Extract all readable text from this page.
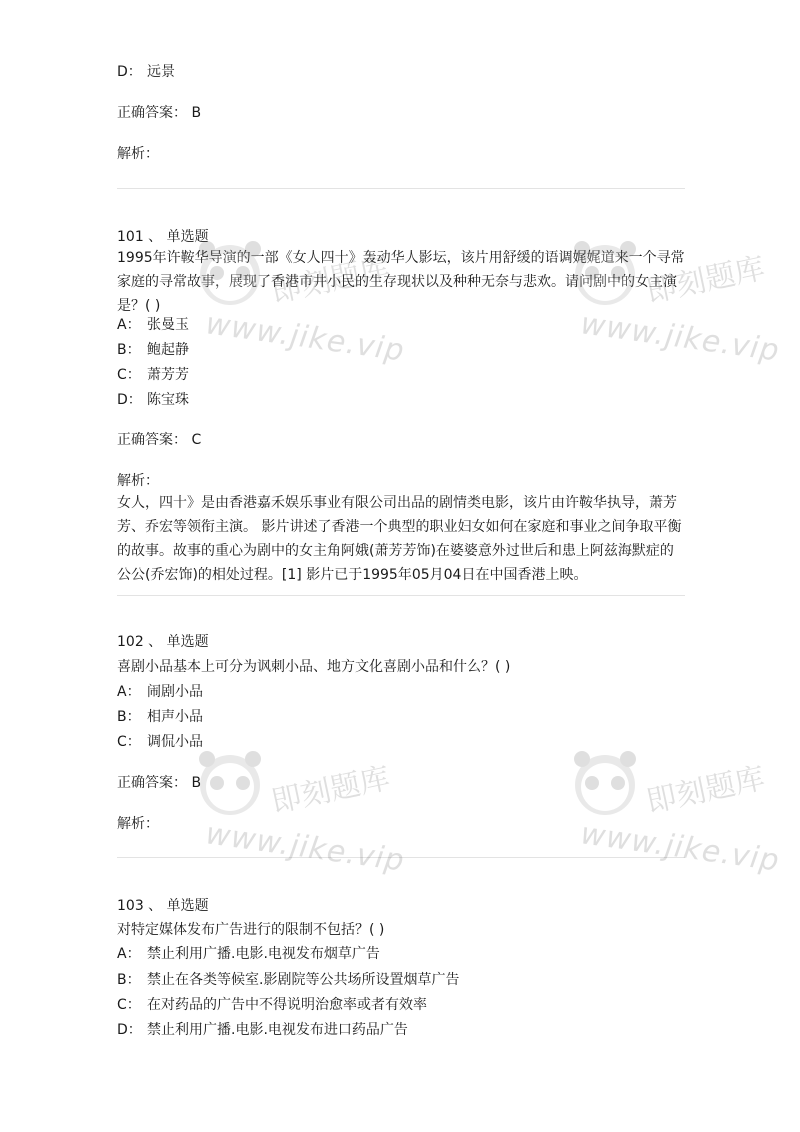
D： 远景
正确答案： B
解析：
101 、 单选题
1995年许鞍华导演的一部《女人四十》轰动华人影坛，该片用舒缓的语调娓娓道来一个寻常家庭的寻常故事，展现了香港市井小民的生存现状以及种种无奈与悲欢。请问剧中的女主演是？( )
A： 张曼玉
B： 鲍起静
C： 萧芳芳
D： 陈宝珠
正确答案： C
解析：
女人，四十》是由香港嘉禾娱乐事业有限公司出品的剧情类电影，该片由许鞍华执导，萧芳芳、乔宏等领衔主演。 影片讲述了香港一个典型的职业妇女如何在家庭和事业之间争取平衡的故事。故事的重心为剧中的女主角阿娥(萧芳芳饰)在婆婆意外过世后和患上阿兹海默症的公公(乔宏饰)的相处过程。[1] 影片已于1995年05月04日在中国香港上映。
102 、 单选题
喜剧小品基本上可分为讽刺小品、地方文化喜剧小品和什么？( )
A： 闹剧小品
B： 相声小品
C： 调侃小品
正确答案： B
解析：
103 、 单选题
对特定媒体发布广告进行的限制不包括？( )
A： 禁止利用广播.电影.电视发布烟草广告
B： 禁止在各类等候室.影剧院等公共场所设置烟草广告
C： 在对药品的广告中不得说明治愈率或者有效率
D： 禁止利用广播.电影.电视发布进口药品广告
即刻题库
www.jike.vip
即刻题库
www.jike.vip
即刻题库
www.jike.vip
即刻题库
www.jike.vip
